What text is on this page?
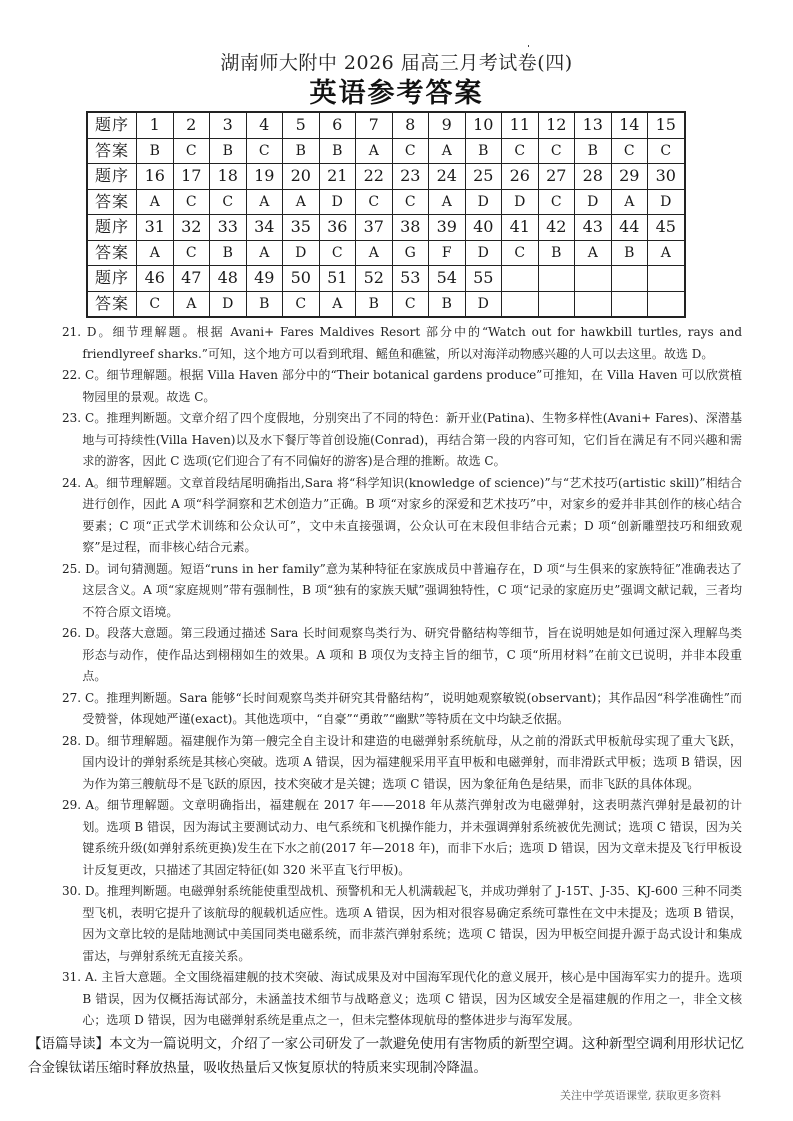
湖南师大附中 2026 届高三月考试卷(四)
英语参考答案
题序	1	2	3	4	5	6	7	8	9	10	11	12	13	14	15
答案	B	C	B	C	B	B	A	C	A	B	C	C	B	C	C
题序	16	17	18	19	20	21	22	23	24	25	26	27	28	29	30
答案	A	C	C	A	A	D	C	C	A	D	D	C	D	A	D
题序	31	32	33	34	35	36	37	38	39	40	41	42	43	44	45
答案	A	C	B	A	D	C	A	G	F	D	C	B	A	B	A
题序	46	47	48	49	50	51	52	53	54	55					
答案	C	A	D	B	C	A	B	C	B	D					

21. D。细节理解题。根据 Avani+ Fares Maldives Resort 部分中的“Watch out for hawkbill turtles, rays and friendlyreef sharks.”可知，这个地方可以看到玳瑁、鳐鱼和礁鲨，所以对海洋动物感兴趣的人可以去这里。故选 D。

22. C。细节理解题。根据 Villa Haven 部分中的“Their botanical gardens produce”可推知，在 Villa Haven 可以欣赏植物园里的景观。故选 C。

23. C。推理判断题。文章介绍了四个度假地，分别突出了不同的特色：新开业(Patina)、生物多样性(Avani+ Fares)、深潜基地与可持续性(Villa Haven)以及水下餐厅等首创设施(Conrad)，再结合第一段的内容可知，它们旨在满足有不同兴趣和需求的游客，因此 C 选项(它们迎合了有不同偏好的游客)是合理的推断。故选 C。

24. A。细节理解题。文章首段结尾明确指出,Sara 将“科学知识(knowledge of science)”与“艺术技巧(artistic skill)”相结合进行创作，因此 A 项“科学洞察和艺术创造力”正确。B 项“对家乡的深爱和艺术技巧”中，对家乡的爱并非其创作的核心结合要素；C 项“正式学术训练和公众认可”，文中未直接强调，公众认可在末段但非结合元素；D 项“创新雕塑技巧和细致观察”是过程，而非核心结合元素。

25. D。词句猜测题。短语“runs in her family”意为某种特征在家族成员中普遍存在，D 项“与生俱来的家族特征”准确表达了这层含义。A 项“家庭规则”带有强制性，B 项“独有的家族天赋”强调独特性，C 项“记录的家庭历史”强调文献记载，三者均不符合原文语境。

26. D。段落大意题。第三段通过描述 Sara 长时间观察鸟类行为、研究骨骼结构等细节，旨在说明她是如何通过深入理解鸟类形态与动作，使作品达到栩栩如生的效果。A 项和 B 项仅为支持主旨的细节，C 项“所用材料”在前文已说明，并非本段重点。

27. C。推理判断题。Sara 能够“长时间观察鸟类并研究其骨骼结构”，说明她观察敏锐(observant)；其作品因“科学准确性”而受赞誉，体现她严谨(exact)。其他选项中，“自豪”“勇敢”“幽默”等特质在文中均缺乏依据。

28. D。细节理解题。福建舰作为第一艘完全自主设计和建造的电磁弹射系统航母，从之前的滑跃式甲板航母实现了重大飞跃，国内设计的弹射系统是其核心突破。选项 A 错误，因为福建舰采用平直甲板和电磁弹射，而非滑跃式甲板；选项 B 错误，因为作为第三艘航母不是飞跃的原因，技术突破才是关键；选项 C 错误，因为象征角色是结果，而非飞跃的具体体现。

29. A。细节理解题。文章明确指出，福建舰在 2017 年——2018 年从蒸汽弹射改为电磁弹射，这表明蒸汽弹射是最初的计划。选项 B 错误，因为海试主要测试动力、电气系统和飞机操作能力，并未强调弹射系统被优先测试；选项 C 错误，因为关键系统升级(如弹射系统更换)发生在下水之前(2017 年—2018 年)，而非下水后；选项 D 错误，因为文章未提及飞行甲板设计反复更改，只描述了其固定特征(如 320 米平直飞行甲板)。

30. D。推理判断题。电磁弹射系统能使重型战机、预警机和无人机满载起飞，并成功弹射了 J-15T、J-35、KJ-600 三种不同类型飞机，表明它提升了该航母的舰载机适应性。选项 A 错误，因为相对很容易确定系统可靠性在文中未提及；选项 B 错误，因为文章比较的是陆地测试中美国同类电磁系统，而非蒸汽弹射系统；选项 C 错误，因为甲板空间提升源于岛式设计和集成雷达，与弹射系统无直接关系。

31. A. 主旨大意题。全文围绕福建舰的技术突破、海试成果及对中国海军现代化的意义展开，核心是中国海军实力的提升。选项 B 错误，因为仅概括海试部分，未涵盖技术细节与战略意义；选项 C 错误，因为区域安全是福建舰的作用之一，非全文核心；选项 D 错误，因为电磁弹射系统是重点之一，但未完整体现航母的整体进步与海军发展。

【语篇导读】本文为一篇说明文，介绍了一家公司研发了一款避免使用有害物质的新型空调。这种新型空调利用形状记忆合金镍钛诺压缩时释放热量，吸收热量后又恢复原状的特质来实现制冷降温。
关注中学英语课堂, 获取更多资料
